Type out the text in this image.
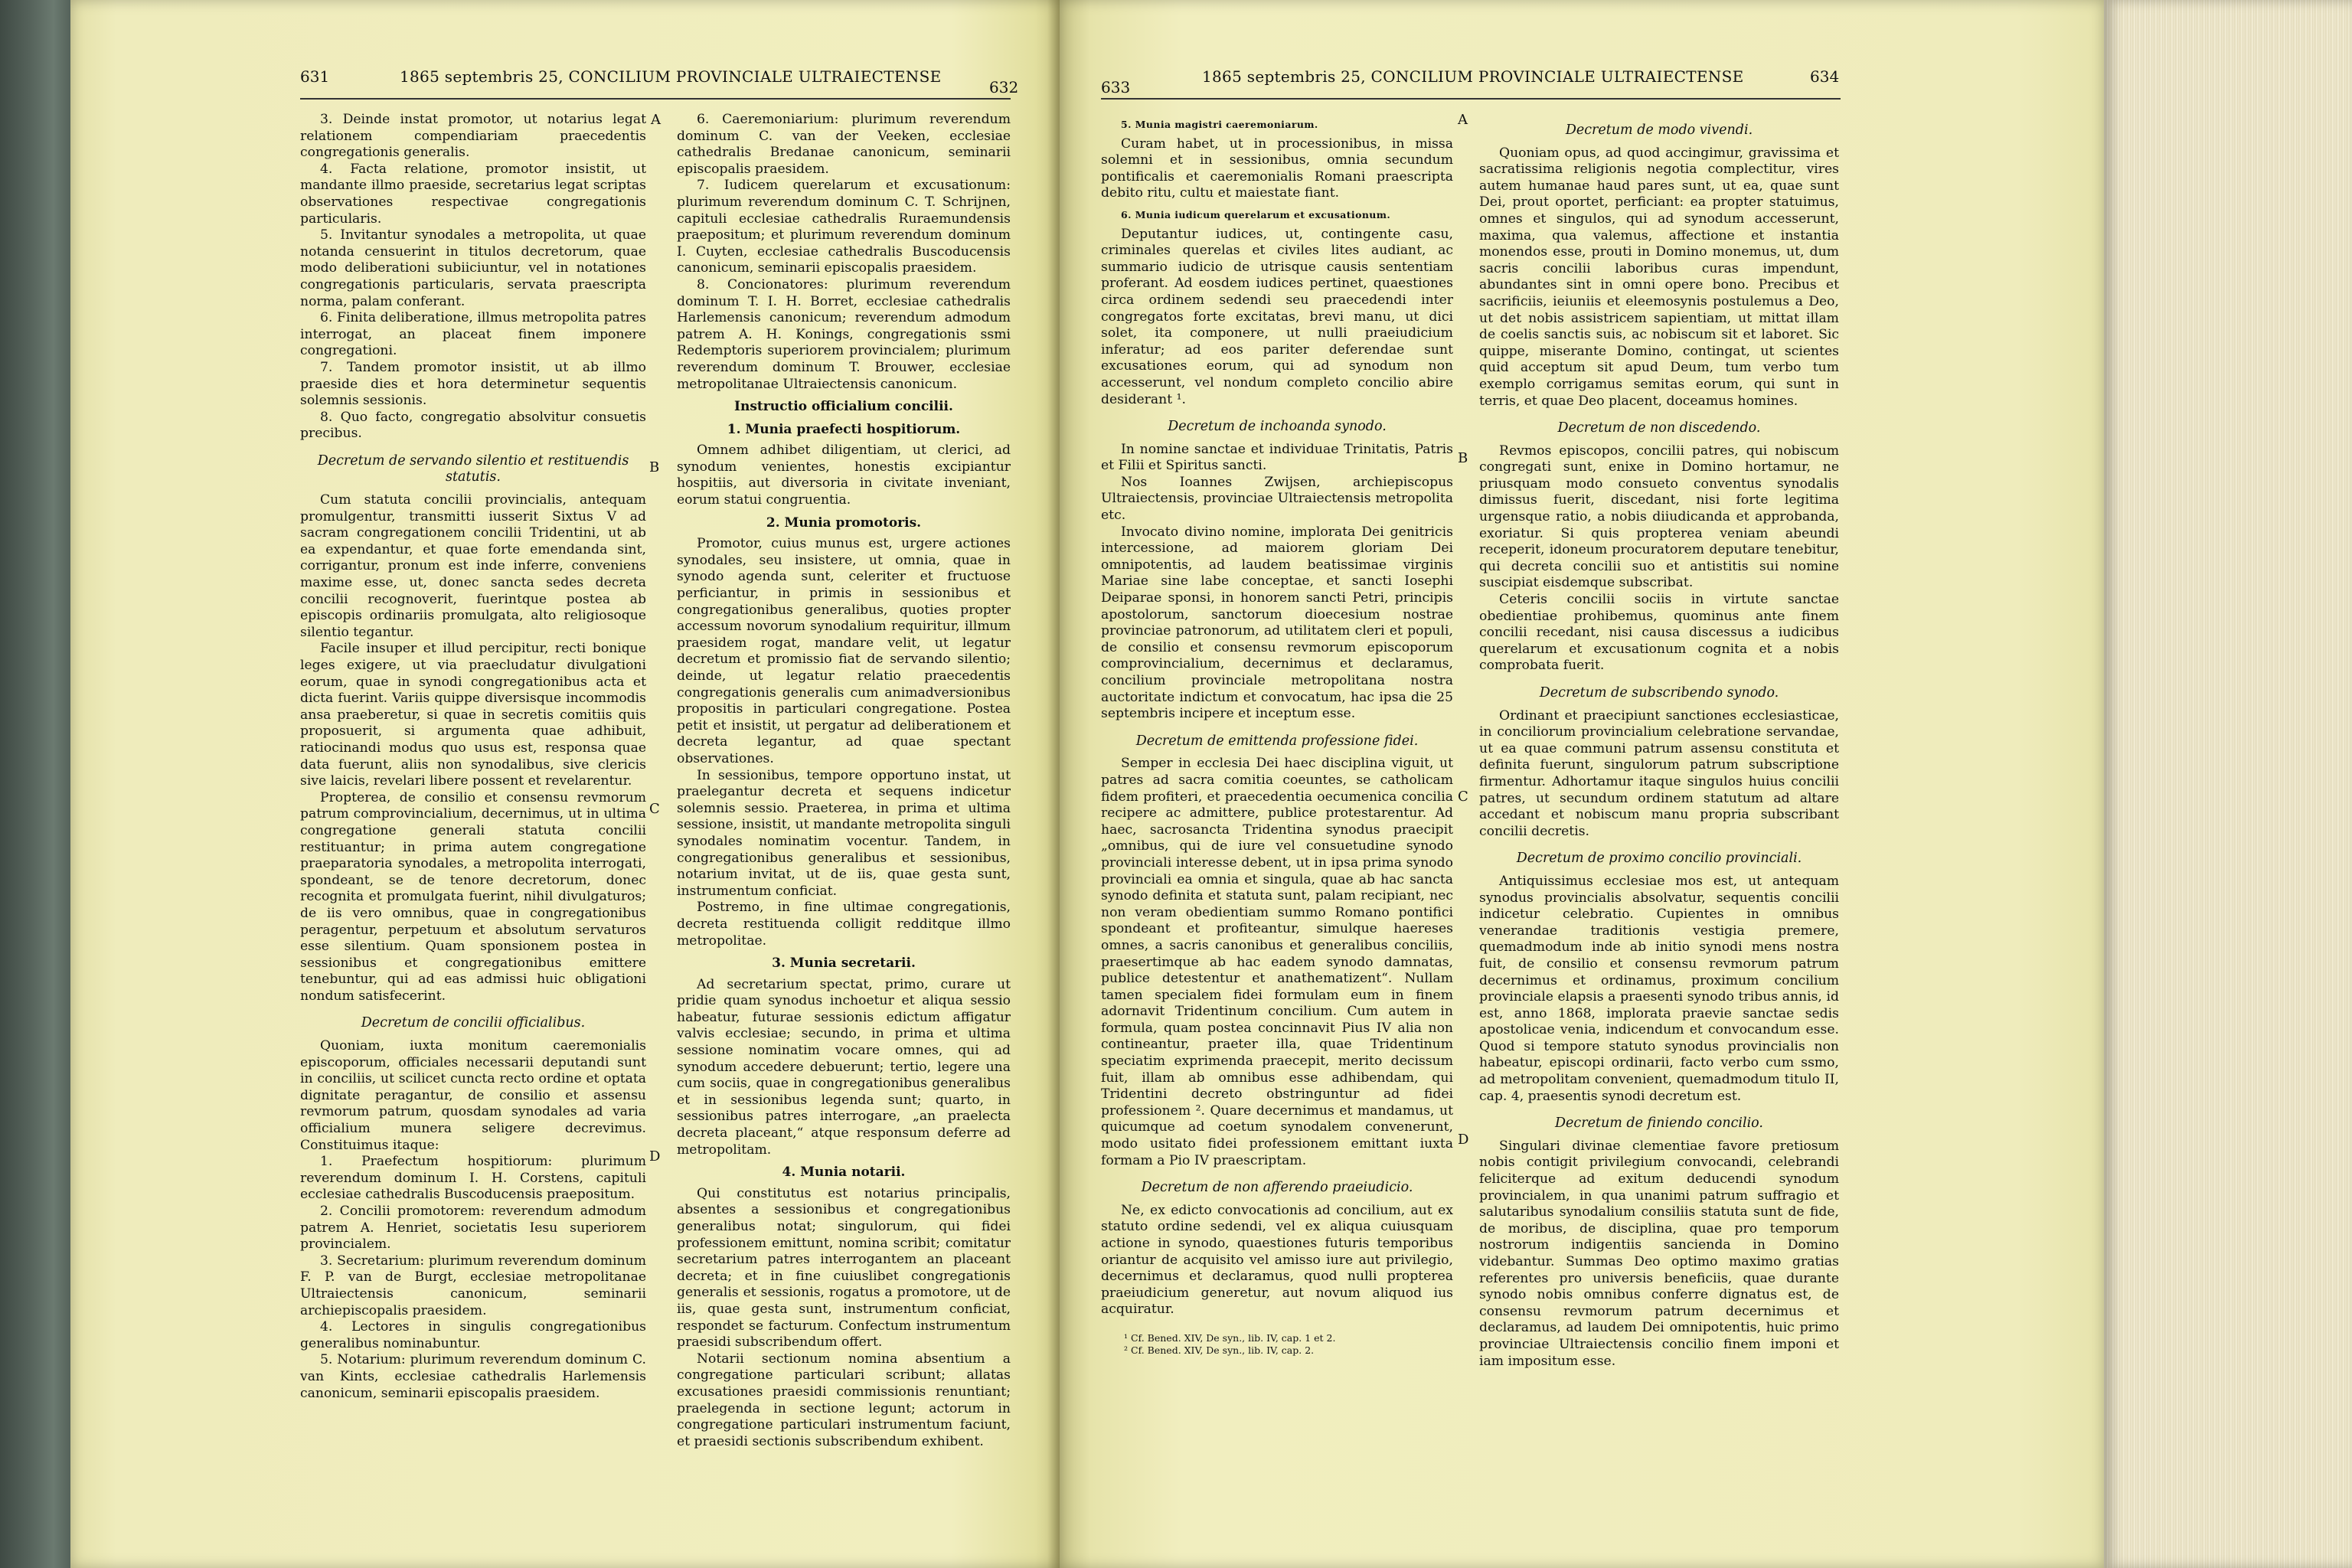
631	1865 septembris 25, CONCILIUM PROVINCIALE ULTRAIECTENSE
632

3. Deinde instat promotor, ut notarius legat relationem compendiariam praecedentis congregationis generalis.

4. Facta relatione, promotor insistit, ut mandante illmo praeside, secretarius legat scriptas observationes respectivae congregationis particularis.

5. Invitantur synodales a metropolita, ut quae notanda censuerint in titulos decretorum, quae modo deliberationi subiiciuntur, vel in notationes congregationis particularis, servata praescripta norma, palam conferant.

6. Finita deliberatione, illmus metropolita patres interrogat, an placeat finem imponere congregationi.

7. Tandem promotor insistit, ut ab illmo praeside dies et hora determinetur sequentis solemnis sessionis.

8. Quo facto, congregatio absolvitur consuetis precibus.

Decretum de servando silentio et restituendis statutis.

Cum statuta concilii provincialis, antequam promulgentur, transmitti iusserit Sixtus V ad sacram congregationem concilii Tridentini, ut ab ea expendantur, et quae forte emendanda sint, corrigantur, pronum est inde inferre, conveniens maxime esse, ut, donec sancta sedes decreta concilii recognoverit, fuerintque postea ab episcopis ordinariis promulgata, alto religiosoque silentio tegantur.

Facile insuper et illud percipitur, recti bonique leges exigere, ut via praecludatur divulgationi eorum, quae in synodi congregationibus acta et dicta fuerint. Variis quippe diversisque incommodis ansa praeberetur, si quae in secretis comitiis quis proposuerit, si argumenta quae adhibuit, ratiocinandi modus quo usus est, responsa quae data fuerunt, aliis non synodalibus, sive clericis sive laicis, revelari libere possent et revelarentur.

Propterea, de consilio et consensu revmorum patrum comprovincialium, decernimus, ut in ultima congregatione generali statuta concilii restituantur; in prima autem congregatione praeparatoria synodales, a metropolita interrogati, spondeant, se de tenore decretorum, donec recognita et promulgata fuerint, nihil divulgaturos; de iis vero omnibus, quae in congregationibus peragentur, perpetuum et absolutum servaturos esse silentium. Quam sponsionem postea in sessionibus et congregationibus emittere tenebuntur, qui ad eas admissi huic obligationi nondum satisfecerint.

Decretum de concilii officialibus.

Quoniam, iuxta monitum caeremonialis episcoporum, officiales necessarii deputandi sunt in conciliis, ut scilicet cuncta recto ordine et optata dignitate peragantur, de consilio et assensu revmorum patrum, quosdam synodales ad varia officialium munera seligere decrevimus. Constituimus itaque:

1. Praefectum hospitiorum: plurimum reverendum dominum I. H. Corstens, capituli ecclesiae cathedralis Buscoducensis praepositum.

2. Concilii promotorem: reverendum admodum patrem A. Henriet, societatis Iesu superiorem provincialem.

3. Secretarium: plurimum reverendum dominum F. P. van de Burgt, ecclesiae metropolitanae Ultraiectensis canonicum, seminarii archiepiscopalis praesidem.

4. Lectores in singulis congregationibus generalibus nominabuntur.

5. Notarium: plurimum reverendum dominum C. van Kints, ecclesiae cathedralis Harlemensis canonicum, seminarii episcopalis praesidem.

6. Caeremoniarium: plurimum reverendum dominum C. van der Veeken, ecclesiae cathedralis Bredanae canonicum, seminarii episcopalis praesidem.

7. Iudicem querelarum et excusationum: plurimum reverendum dominum C. T. Schrijnen, capituli ecclesiae cathedralis Ruraemundensis praepositum; et plurimum reverendum dominum I. Cuyten, ecclesiae cathedralis Buscoducensis canonicum, seminarii episcopalis praesidem.

8. Concionatores: plurimum reverendum dominum T. I. H. Borret, ecclesiae cathedralis Harlemensis canonicum; reverendum admodum patrem A. H. Konings, congregationis ssmi Redemptoris superiorem provincialem; plurimum reverendum dominum T. Brouwer, ecclesiae metropolitanae Ultraiectensis canonicum.

Instructio officialium concilii.
1. Munia praefecti hospitiorum.

Omnem adhibet diligentiam, ut clerici, ad synodum venientes, honestis excipiantur hospitiis, aut diversoria in civitate inveniant, eorum statui congruentia.

2. Munia promotoris.

Promotor, cuius munus est, urgere actiones synodales, seu insistere, ut omnia, quae in synodo agenda sunt, celeriter et fructuose perficiantur, in primis in sessionibus et congregationibus generalibus, quoties propter accessum novorum synodalium requiritur, illmum praesidem rogat, mandare velit, ut legatur decretum et promissio fiat de servando silentio; deinde, ut legatur relatio praecedentis congregationis generalis cum animadversionibus propositis in particulari congregatione. Postea petit et insistit, ut pergatur ad deliberationem et decreta legantur, ad quae spectant observationes.

In sessionibus, tempore opportuno instat, ut praelegantur decreta et sequens indicetur solemnis sessio. Praeterea, in prima et ultima sessione, insistit, ut mandante metropolita singuli synodales nominatim vocentur. Tandem, in congregationibus generalibus et sessionibus, notarium invitat, ut de iis, quae gesta sunt, instrumentum conficiat.

Postremo, in fine ultimae congregationis, decreta restituenda colligit redditque illmo metropolitae.

3. Munia secretarii.

Ad secretarium spectat, primo, curare ut pridie quam synodus inchoetur et aliqua sessio habeatur, futurae sessionis edictum affigatur valvis ecclesiae; secundo, in prima et ultima sessione nominatim vocare omnes, qui ad synodum accedere debuerunt; tertio, legere una cum sociis, quae in congregationibus generalibus et in sessionibus legenda sunt; quarto, in sessionibus patres interrogare, „an praelecta decreta placeant,“ atque responsum deferre ad metropolitam.

4. Munia notarii.

Qui constitutus est notarius principalis, absentes a sessionibus et congregationibus generalibus notat; singulorum, qui fidei professionem emittunt, nomina scribit; comitatur secretarium patres interrogantem an placeant decreta; et in fine cuiuslibet congregationis generalis et sessionis, rogatus a promotore, ut de iis, quae gesta sunt, instrumentum conficiat, respondet se facturum. Confectum instrumentum praesidi subscribendum offert.

Notarii sectionum nomina absentium a congregatione particulari scribunt; allatas excusationes praesidi commissionis renuntiant; praelegenda in sectione legunt; actorum in congregatione particulari instrumentum faciunt, et praesidi sectionis subscribendum exhibent.

A
B
C
D
633
1865 septembris 25, CONCILIUM PROVINCIALE ULTRAIECTENSE	634
5. Munia magistri caeremoniarum.

Curam habet, ut in processionibus, in missa solemni et in sessionibus, omnia secundum pontificalis et caeremonialis Romani praescripta debito ritu, cultu et maiestate fiant.

6. Munia iudicum querelarum et excusationum.

Deputantur iudices, ut, contingente casu, criminales querelas et civiles lites audiant, ac summario iudicio de utrisque causis sententiam proferant. Ad eosdem iudices pertinet, quaestiones circa ordinem sedendi seu praecedendi inter congregatos forte excitatas, brevi manu, ut dici solet, ita componere, ut nulli praeiudicium inferatur; ad eos pariter deferendae sunt excusationes eorum, qui ad synodum non accesserunt, vel nondum completo concilio abire desiderant ¹.

Decretum de inchoanda synodo.

In nomine sanctae et individuae Trinitatis, Patris et Filii et Spiritus sancti.

Nos Ioannes Zwijsen, archiepiscopus Ultraiectensis, provinciae Ultraiectensis metropolita etc.

Invocato divino nomine, implorata Dei genitricis intercessione, ad maiorem gloriam Dei omnipotentis, ad laudem beatissimae virginis Mariae sine labe conceptae, et sancti Iosephi Deiparae sponsi, in honorem sancti Petri, principis apostolorum, sanctorum dioecesium nostrae provinciae patronorum, ad utilitatem cleri et populi, de consilio et consensu revmorum episcoporum comprovincialium, decernimus et declaramus, concilium provinciale metropolitana nostra auctoritate indictum et convocatum, hac ipsa die 25 septembris incipere et inceptum esse.

Decretum de emittenda professione fidei.

Semper in ecclesia Dei haec disciplina viguit, ut patres ad sacra comitia coeuntes, se catholicam fidem profiteri, et praecedentia oecumenica concilia recipere ac admittere, publice protestarentur. Ad haec, sacrosancta Tridentina synodus praecipit „omnibus, qui de iure vel consuetudine synodo provinciali interesse debent, ut in ipsa prima synodo provinciali ea omnia et singula, quae ab hac sancta synodo definita et statuta sunt, palam recipiant, nec non veram obedientiam summo Romano pontifici spondeant et profiteantur, simulque haereses omnes, a sacris canonibus et generalibus conciliis, praesertimque ab hac eadem synodo damnatas, publice detestentur et anathematizent“. Nullam tamen specialem fidei formulam eum in finem adornavit Tridentinum concilium. Cum autem in formula, quam postea concinnavit Pius IV alia non contineantur, praeter illa, quae Tridentinum speciatim exprimenda praecepit, merito decissum fuit, illam ab omnibus esse adhibendam, qui Tridentini decreto obstringuntur ad fidei professionem ². Quare decernimus et mandamus, ut quicumque ad coetum synodalem convenerunt, modo usitato fidei professionem emittant iuxta formam a Pio IV praescriptam.

Decretum de non afferendo praeiudicio.

Ne, ex edicto convocationis ad concilium, aut ex statuto ordine sedendi, vel ex aliqua cuiusquam actione in synodo, quaestiones futuris temporibus oriantur de acquisito vel amisso iure aut privilegio, decernimus et declaramus, quod nulli propterea praeiudicium generetur, aut novum aliquod ius acquiratur.

¹ Cf. Bened. XIV, De syn., lib. IV, cap. 1 et 2.

² Cf. Bened. XIV, De syn., lib. IV, cap. 2.

Decretum de modo vivendi.

Quoniam opus, ad quod accingimur, gravissima et sacratissima religionis negotia complectitur, vires autem humanae haud pares sunt, ut ea, quae sunt Dei, prout oportet, perficiant: ea propter statuimus, omnes et singulos, qui ad synodum accesserunt, maxima, qua valemus, affectione et instantia monendos esse, prouti in Domino monemus, ut, dum sacris concilii laboribus curas impendunt, abundantes sint in omni opere bono. Precibus et sacrificiis, ieiuniis et eleemosynis postulemus a Deo, ut det nobis assistricem sapientiam, ut mittat illam de coelis sanctis suis, ac nobiscum sit et laboret. Sic quippe, miserante Domino, contingat, ut scientes quid acceptum sit apud Deum, tum verbo tum exemplo corrigamus semitas eorum, qui sunt in terris, et quae Deo placent, doceamus homines.

Decretum de non discedendo.

Revmos episcopos, concilii patres, qui nobiscum congregati sunt, enixe in Domino hortamur, ne priusquam modo consueto conventus synodalis dimissus fuerit, discedant, nisi forte legitima urgensque ratio, a nobis diiudicanda et approbanda, exoriatur. Si quis propterea veniam abeundi receperit, idoneum procuratorem deputare tenebitur, qui decreta concilii suo et antistitis sui nomine suscipiat eisdemque subscribat.

Ceteris concilii sociis in virtute sanctae obedientiae prohibemus, quominus ante finem concilii recedant, nisi causa discessus a iudicibus querelarum et excusationum cognita et a nobis comprobata fuerit.

Decretum de subscribendo synodo.

Ordinant et praecipiunt sanctiones ecclesiasticae, in conciliorum provincialium celebratione servandae, ut ea quae communi patrum assensu constituta et definita fuerunt, singulorum patrum subscriptione firmentur. Adhortamur itaque singulos huius concilii patres, ut secundum ordinem statutum ad altare accedant et nobiscum manu propria subscribant concilii decretis.

Decretum de proximo concilio provinciali.

Antiquissimus ecclesiae mos est, ut antequam synodus provincialis absolvatur, sequentis concilii indicetur celebratio. Cupientes in omnibus venerandae traditionis vestigia premere, quemadmodum inde ab initio synodi mens nostra fuit, de consilio et consensu revmorum patrum decernimus et ordinamus, proximum concilium provinciale elapsis a praesenti synodo tribus annis, id est, anno 1868, implorata praevie sanctae sedis apostolicae venia, indicendum et convocandum esse. Quod si tempore statuto synodus provincialis non habeatur, episcopi ordinarii, facto verbo cum ssmo, ad metropolitam convenient, quemadmodum titulo II, cap. 4, praesentis synodi decretum est.

Decretum de finiendo concilio.

Singulari divinae clementiae favore pretiosum nobis contigit privilegium convocandi, celebrandi feliciterque ad exitum deducendi synodum provincialem, in qua unanimi patrum suffragio et salutaribus synodalium consiliis statuta sunt de fide, de moribus, de disciplina, quae pro temporum nostrorum indigentiis sancienda in Domino videbantur. Summas Deo optimo maximo gratias referentes pro universis beneficiis, quae durante synodo nobis omnibus conferre dignatus est, de consensu revmorum patrum decernimus et declaramus, ad laudem Dei omnipotentis, huic primo provinciae Ultraiectensis concilio finem imponi et iam impositum esse.

A
B
C
D
